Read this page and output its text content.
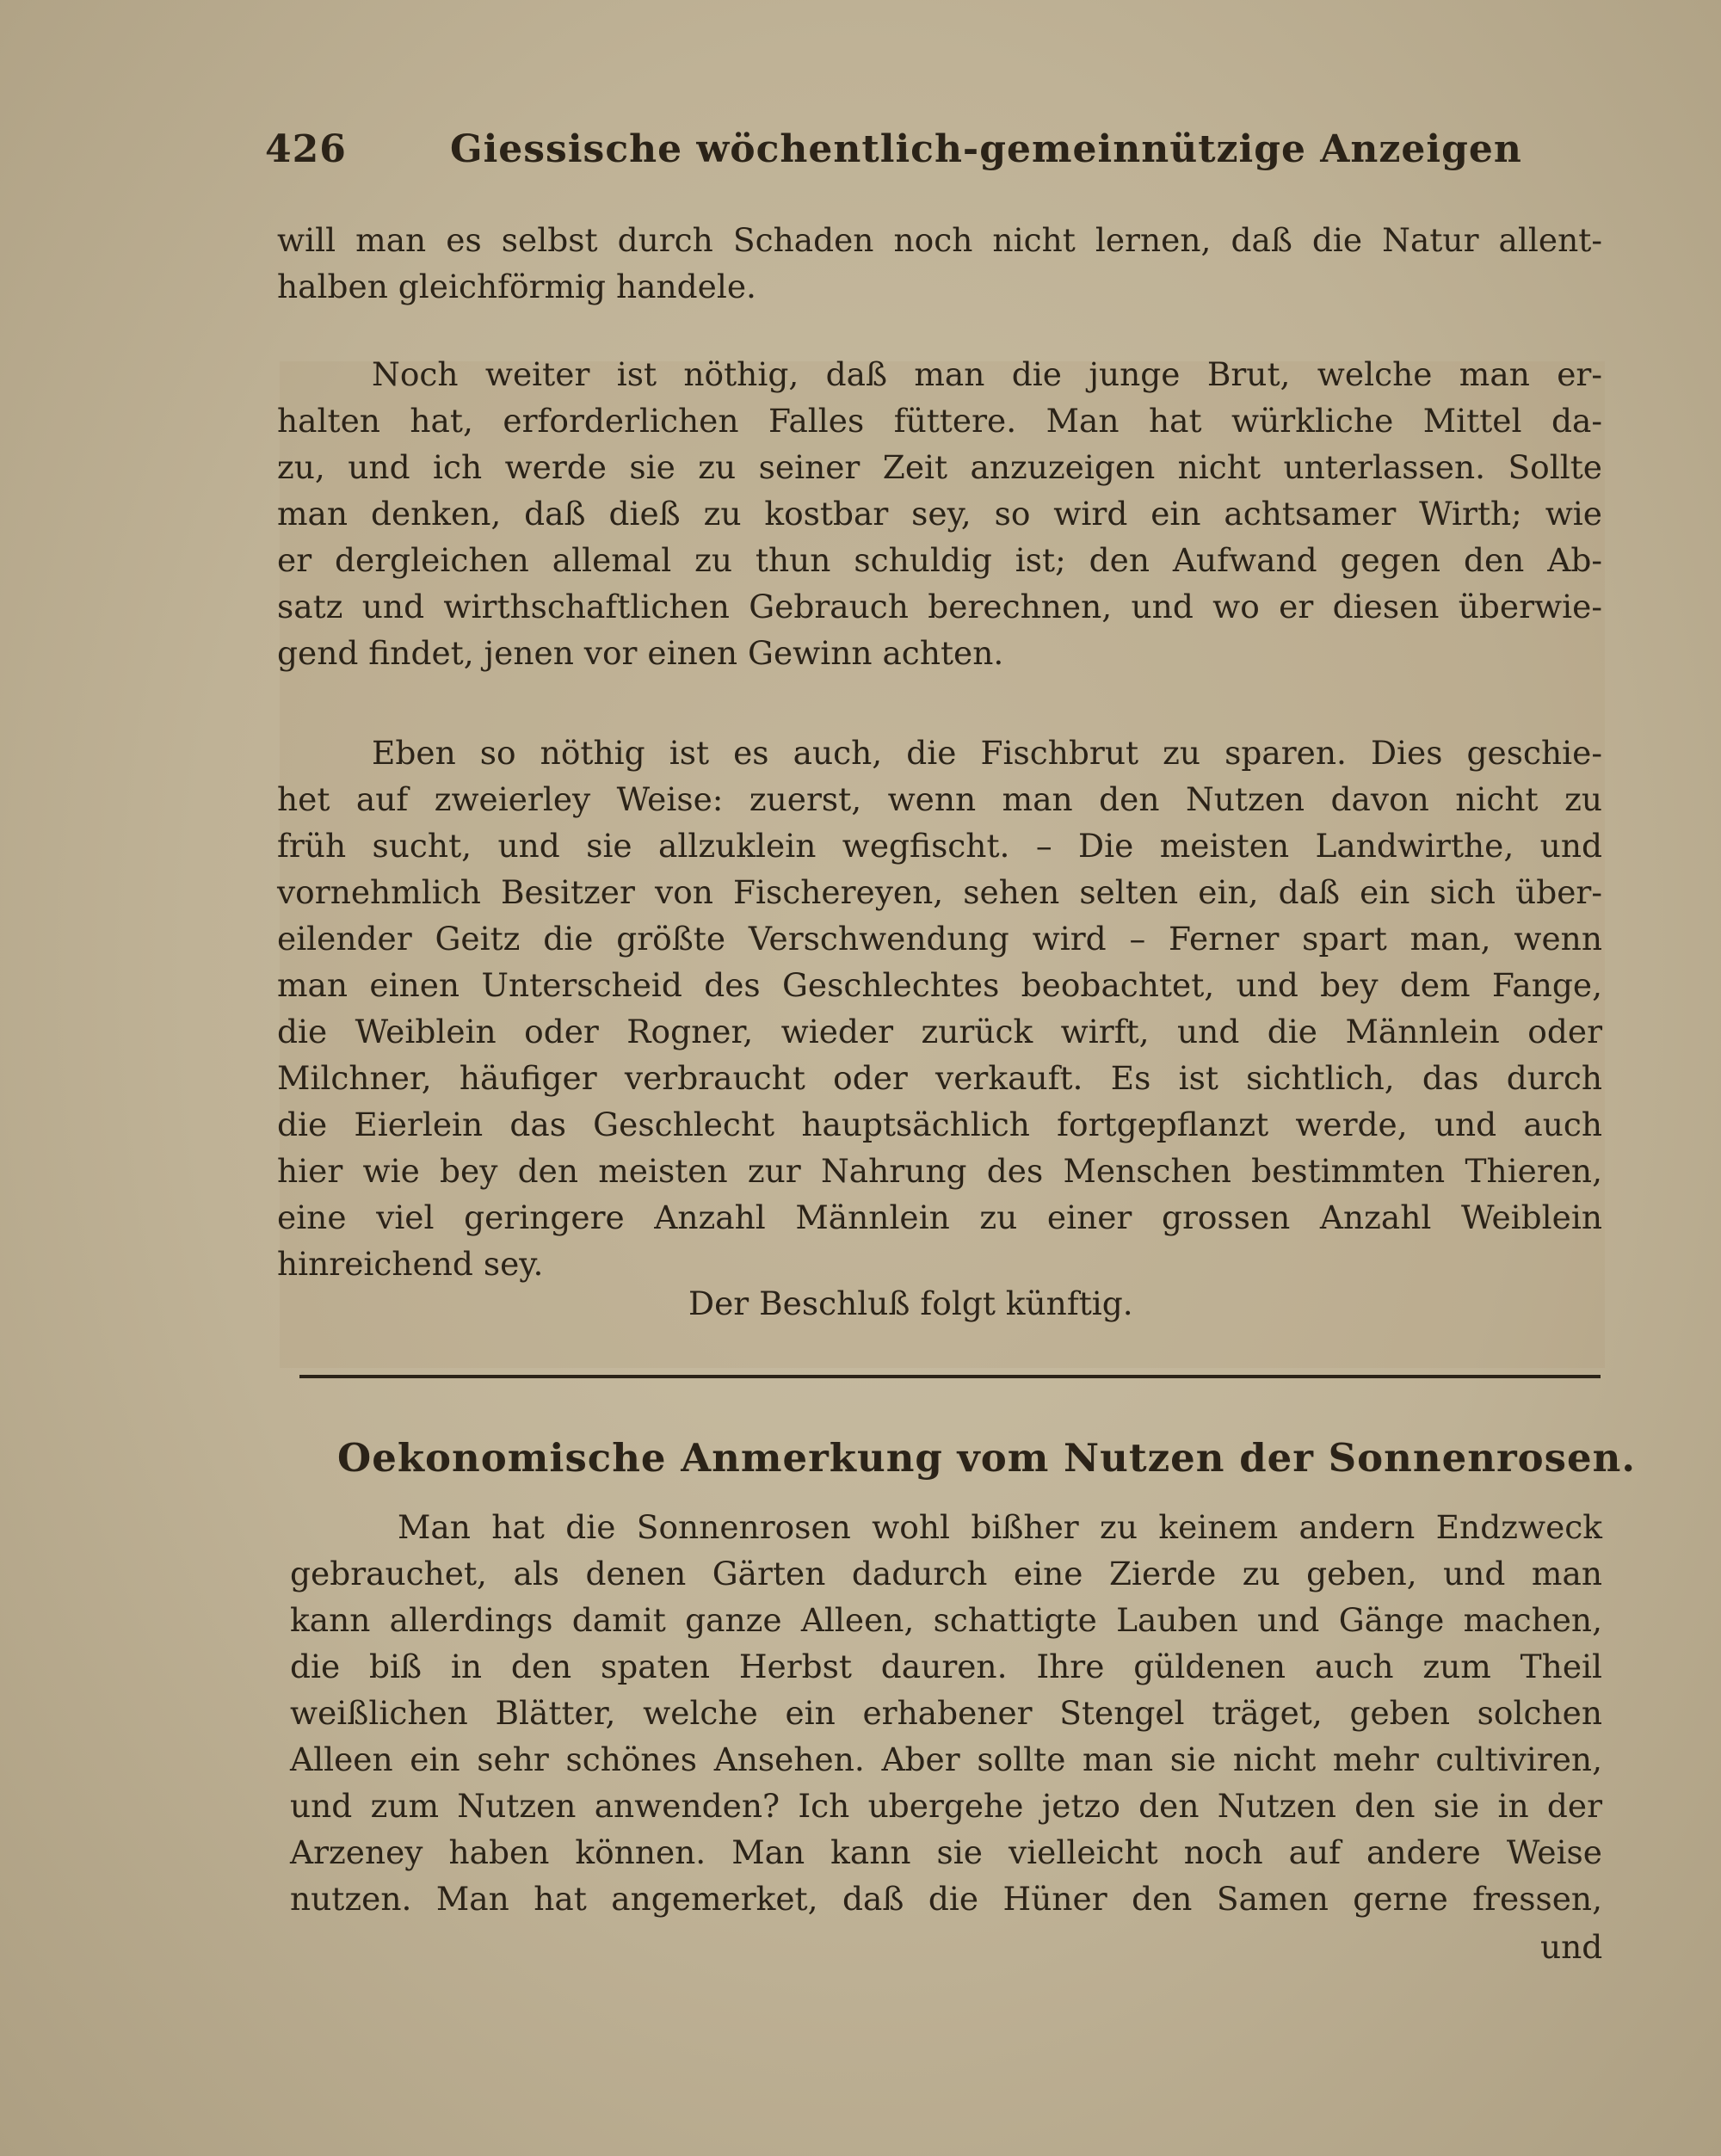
426	Giessische wöchentlich-gemeinnützige Anzeigen
will man es selbst durch Schaden noch nicht lernen, daß die Natur allent-
halben gleichförmig handele.
Noch weiter ist nöthig, daß man die junge Brut, welche man er-
halten hat, erforderlichen Falles füttere. Man hat würkliche Mittel da-
zu, und ich werde sie zu seiner Zeit anzuzeigen nicht unterlassen. Sollte
man denken, daß dieß zu kostbar sey, so wird ein achtsamer Wirth; wie
er dergleichen allemal zu thun schuldig ist; den Aufwand gegen den Ab-
satz und wirthschaftlichen Gebrauch berechnen, und wo er diesen überwie-
gend findet, jenen vor einen Gewinn achten.
Eben so nöthig ist es auch, die Fischbrut zu sparen. Dies geschie-
het auf zweierley Weise: zuerst, wenn man den Nutzen davon nicht zu
früh sucht, und sie allzuklein wegfischt. – Die meisten Landwirthe, und
vornehmlich Besitzer von Fischereyen, sehen selten ein, daß ein sich über-
eilender Geitz die größte Verschwendung wird – Ferner spart man, wenn
man einen Unterscheid des Geschlechtes beobachtet, und bey dem Fange,
die Weiblein oder Rogner, wieder zurück wirft, und die Männlein oder
Milchner, häufiger verbraucht oder verkauft. Es ist sichtlich, das durch
die Eierlein das Geschlecht hauptsächlich fortgepflanzt werde, und auch
hier wie bey den meisten zur Nahrung des Menschen bestimmten Thieren,
eine viel geringere Anzahl Männlein zu einer grossen Anzahl Weiblein
hinreichend sey.
Der Beschluß folgt künftig.
Oekonomische Anmerkung vom Nutzen der Sonnenrosen.
Man hat die Sonnenrosen wohl bißher zu keinem andern Endzweck
gebrauchet, als denen Gärten dadurch eine Zierde zu geben, und man
kann allerdings damit ganze Alleen, schattigte Lauben und Gänge machen,
die biß in den spaten Herbst dauren. Ihre güldenen auch zum Theil
weißlichen Blätter, welche ein erhabener Stengel träget, geben solchen
Alleen ein sehr schönes Ansehen. Aber sollte man sie nicht mehr cultiviren,
und zum Nutzen anwenden? Ich ubergehe jetzo den Nutzen den sie in der
Arzeney haben können. Man kann sie vielleicht noch auf andere Weise
nutzen. Man hat angemerket, daß die Hüner den Samen gerne fressen,
und
